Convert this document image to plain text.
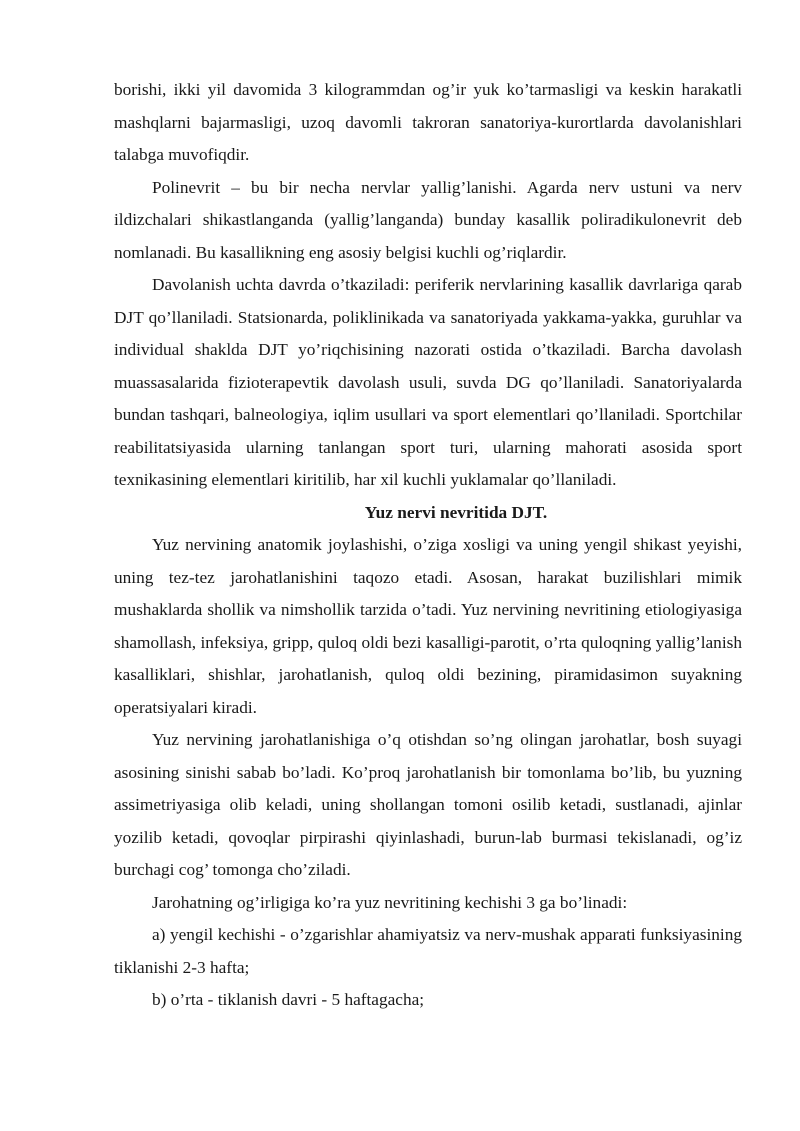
borishi, ikki yil davomida 3 kilogrammdan og’ir yuk ko’tarmasligi va keskin harakatli mashqlarni bajarmasligi, uzoq davomli takroran sanatoriya-kurortlarda davolanishlari talabga muvofiqdir.

Polinevrit – bu bir necha nervlar yallig’lanishi. Agarda nerv ustuni va nerv ildizchalari shikastlanganda (yallig’langanda) bunday kasallik poliradikulonevrit deb nomlanadi. Bu kasallikning eng asosiy belgisi kuchli og’riqlardir.

Davolanish uchta davrda o’tkaziladi: periferik nervlarining kasallik davrlariga qarab DJT qo’llaniladi. Statsionarda, poliklinikada va sanatoriyada yakkama-yakka, guruhlar va individual shaklda DJT yo’riqchisining nazorati ostida o’tkaziladi. Barcha davolash muassasalarida fizioterapevtik davolash usuli, suvda DG qo’llaniladi. Sanatoriyalarda bundan tashqari, balneologiya, iqlim usullari va sport elementlari qo’llaniladi. Sportchilar reabilitatsiyasida ularning tanlangan sport turi, ularning mahorati asosida sport texnikasining elementlari kiritilib, har xil kuchli yuklamalar qo’llaniladi.

Yuz nervi nevritida DJT.

Yuz nervining anatomik joylashishi, o’ziga xosligi va uning yengil shikast yeyishi, uning tez-tez jarohatlanishini taqozo etadi. Asosan, harakat buzilishlari mimik mushaklarda shollik va nimshollik tarzida o’tadi. Yuz nervining nevritining etiologiyasiga shamollash, infeksiya, gripp, quloq oldi bezi kasalligi-parotit, o’rta quloqning yallig’lanish kasalliklari, shishlar, jarohatlanish, quloq oldi bezining, piramidasimon suyakning operatsiyalari kiradi.

Yuz nervining jarohatlanishiga o’q otishdan so’ng olingan jarohatlar, bosh suyagi asosining sinishi sabab bo’ladi. Ko’proq jarohatlanish bir tomonlama bo’lib, bu yuzning assimetriyasiga olib keladi, uning shollangan tomoni osilib ketadi, sustlanadi, ajinlar yozilib ketadi, qovoqlar pirpirashi qiyinlashadi, burun-lab burmasi tekislanadi, og’iz burchagi cog’ tomonga cho’ziladi.

Jarohatning og’irligiga ko’ra yuz nevritining kechishi 3 ga bo’linadi:

a) yengil kechishi - o’zgarishlar ahamiyatsiz va nerv-mushak apparati funksiyasining tiklanishi 2-3 hafta;

b) o’rta - tiklanish davri - 5 haftagacha;
